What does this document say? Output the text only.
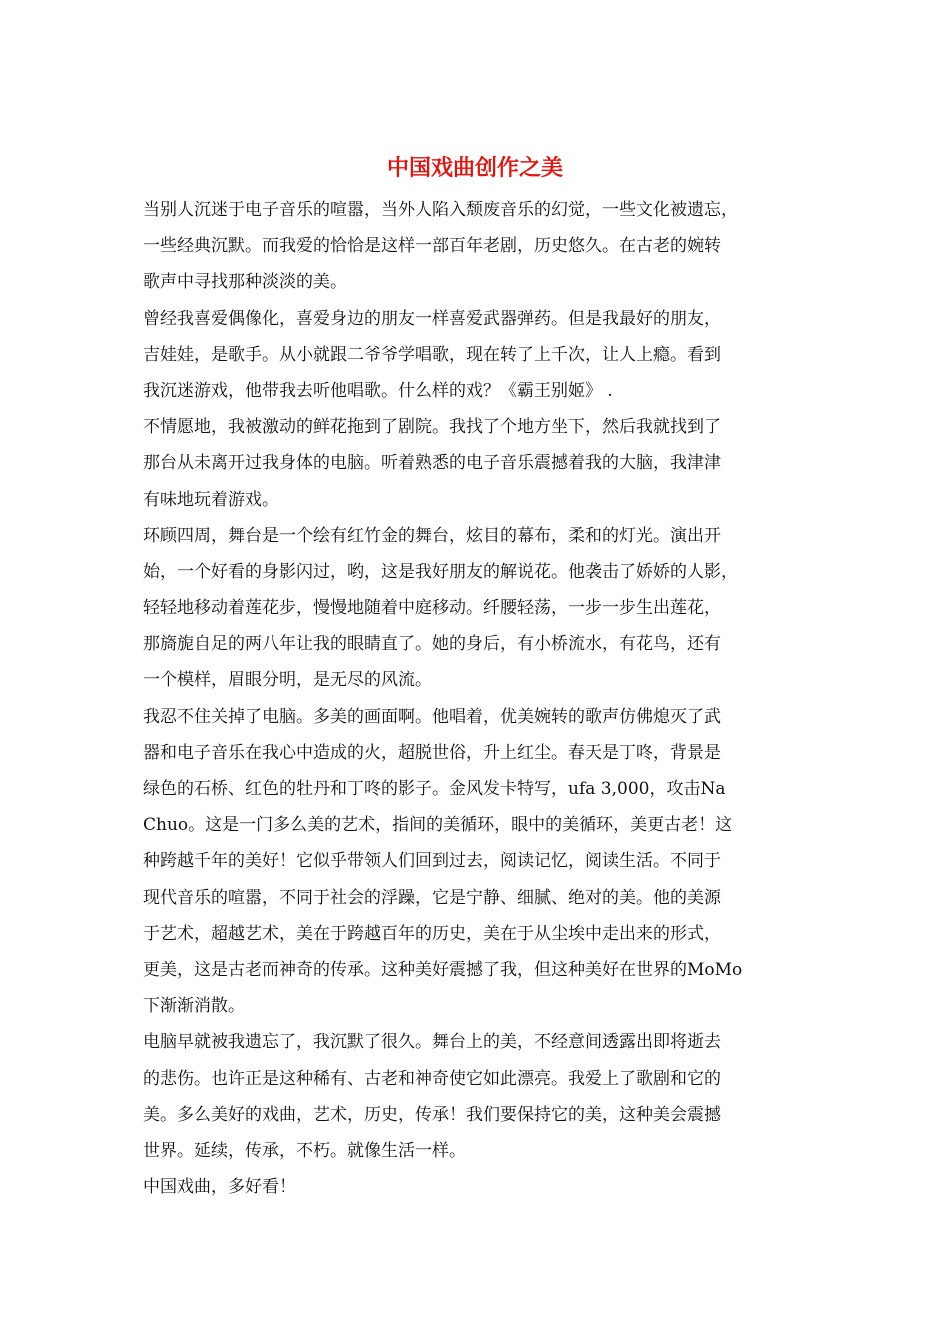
中国戏曲创作之美
当别人沉迷于电子音乐的喧嚣，当外人陷入颓废音乐的幻觉，一些文化被遗忘，
一些经典沉默。而我爱的恰恰是这样一部百年老剧，历史悠久。在古老的婉转
歌声中寻找那种淡淡的美。
曾经我喜爱偶像化，喜爱身边的朋友一样喜爱武器弹药。但是我最好的朋友，
吉娃娃，是歌手。从小就跟二爷爷学唱歌，现在转了上千次，让人上瘾。看到
我沉迷游戏，他带我去听他唱歌。什么样的戏？《霸王别姬》 .
不情愿地，我被激动的鲜花拖到了剧院。我找了个地方坐下，然后我就找到了
那台从未离开过我身体的电脑。听着熟悉的电子音乐震撼着我的大脑，我津津
有味地玩着游戏。
环顾四周，舞台是一个绘有红竹金的舞台，炫目的幕布，柔和的灯光。演出开
始，一个好看的身影闪过，哟，这是我好朋友的解说花。他袭击了娇娇的人影，
轻轻地移动着莲花步，慢慢地随着中庭移动。纤腰轻荡，一步一步生出莲花，
那旖旎自足的两八年让我的眼睛直了。她的身后，有小桥流水，有花鸟，还有
一个模样，眉眼分明，是无尽的风流。
我忍不住关掉了电脑。多美的画面啊。他唱着，优美婉转的歌声仿佛熄灭了武
器和电子音乐在我心中造成的火，超脱世俗，升上红尘。春天是丁咚，背景是
绿色的石桥、红色的牡丹和丁咚的影子。金风发卡特写，ufa 3,000，攻击Na
Chuo。这是一门多么美的艺术，指间的美循环，眼中的美循环，美更古老！这
种跨越千年的美好！它似乎带领人们回到过去，阅读记忆，阅读生活。不同于
现代音乐的喧嚣，不同于社会的浮躁，它是宁静、细腻、绝对的美。他的美源
于艺术，超越艺术，美在于跨越百年的历史，美在于从尘埃中走出来的形式，
更美，这是古老而神奇的传承。这种美好震撼了我，但这种美好在世界的MoMo
下渐渐消散。
电脑早就被我遗忘了，我沉默了很久。舞台上的美，不经意间透露出即将逝去
的悲伤。也许正是这种稀有、古老和神奇使它如此漂亮。我爱上了歌剧和它的
美。多么美好的戏曲，艺术，历史，传承！我们要保持它的美，这种美会震撼
世界。延续，传承，不朽。就像生活一样。
中国戏曲，多好看！
